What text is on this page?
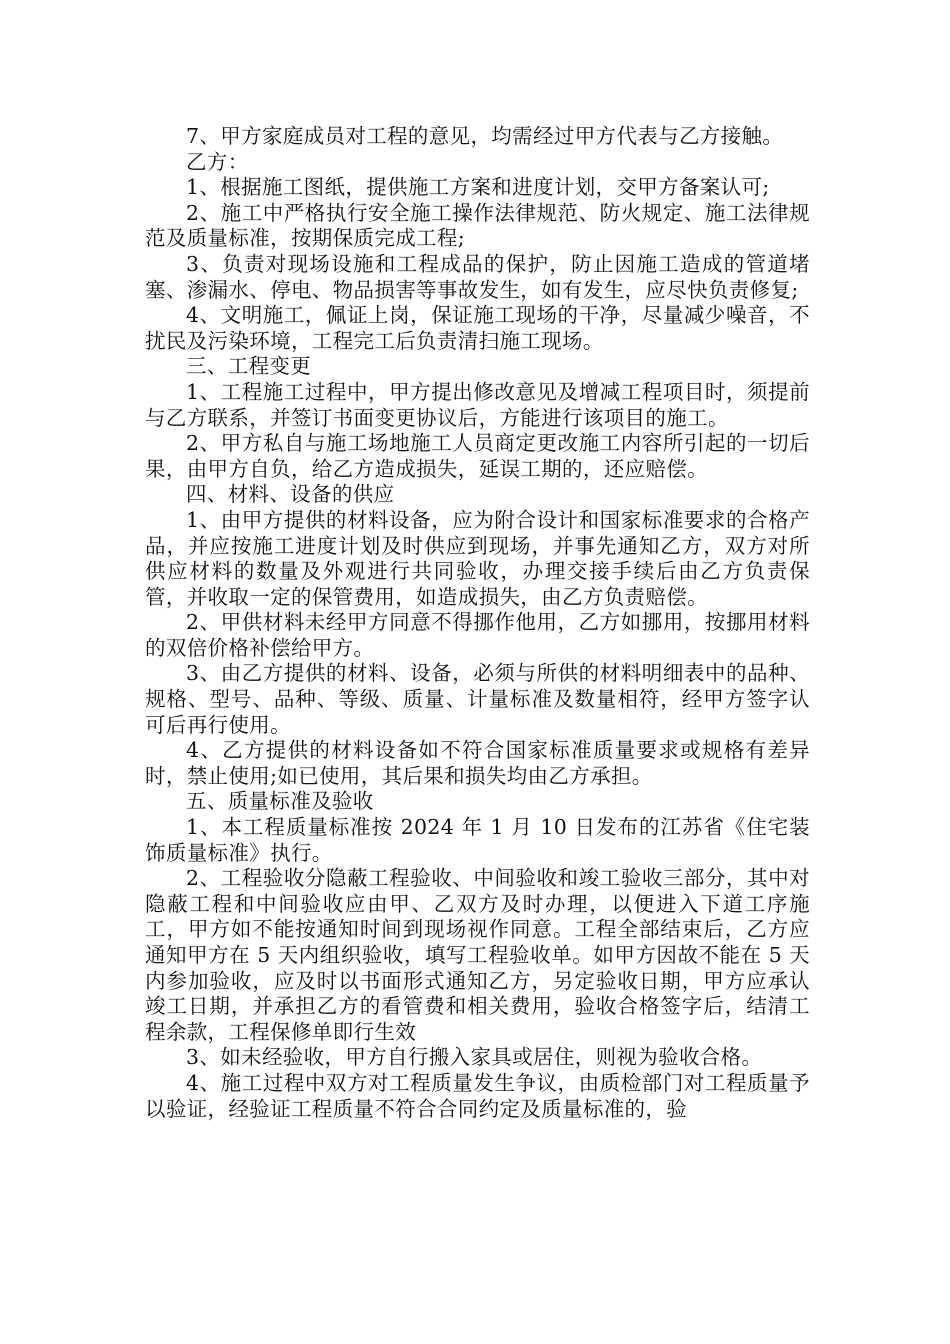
7、甲方家庭成员对工程的意见，均需经过甲方代表与乙方接触。

乙方：

1、根据施工图纸，提供施工方案和进度计划，交甲方备案认可;

2、施工中严格执行安全施工操作法律规范、防火规定、施工法律规范及质量标准，按期保质完成工程;

3、负责对现场设施和工程成品的保护，防止因施工造成的管道堵塞、渗漏水、停电、物品损害等事故发生，如有发生，应尽快负责修复;

4、文明施工，佩证上岗，保证施工现场的干净，尽量减少噪音，不扰民及污染环境，工程完工后负责清扫施工现场。

三、工程变更

1、工程施工过程中，甲方提出修改意见及增减工程项目时，须提前与乙方联系，并签订书面变更协议后，方能进行该项目的施工。

2、甲方私自与施工场地施工人员商定更改施工内容所引起的一切后果，由甲方自负，给乙方造成损失，延误工期的，还应赔偿。

四、材料、设备的供应

1、由甲方提供的材料设备，应为附合设计和国家标准要求的合格产品，并应按施工进度计划及时供应到现场，并事先通知乙方，双方对所供应材料的数量及外观进行共同验收，办理交接手续后由乙方负责保管，并收取一定的保管费用，如造成损失，由乙方负责赔偿。

2、甲供材料未经甲方同意不得挪作他用，乙方如挪用，按挪用材料的双倍价格补偿给甲方。

3、由乙方提供的材料、设备，必须与所供的材料明细表中的品种、规格、型号、品种、等级、质量、计量标准及数量相符，经甲方签字认可后再行使用。

4、乙方提供的材料设备如不符合国家标准质量要求或规格有差异时，禁止使用;如已使用，其后果和损失均由乙方承担。

五、质量标准及验收

1、本工程质量标准按 2024 年 1 月 10 日发布的江苏省《住宅装饰质量标准》执行。

2、工程验收分隐蔽工程验收、中间验收和竣工验收三部分，其中对隐蔽工程和中间验收应由甲、乙双方及时办理，以便进入下道工序施工，甲方如不能按通知时间到现场视作同意。工程全部结束后，乙方应通知甲方在 5 天内组织验收，填写工程验收单。如甲方因故不能在 5 天内参加验收，应及时以书面形式通知乙方，另定验收日期，甲方应承认竣工日期，并承担乙方的看管费和相关费用，验收合格签字后，结清工程余款，工程保修单即行生效

3、如未经验收，甲方自行搬入家具或居住，则视为验收合格。

4、施工过程中双方对工程质量发生争议，由质检部门对工程质量予以验证，经验证工程质量不符合合同约定及质量标准的，验
